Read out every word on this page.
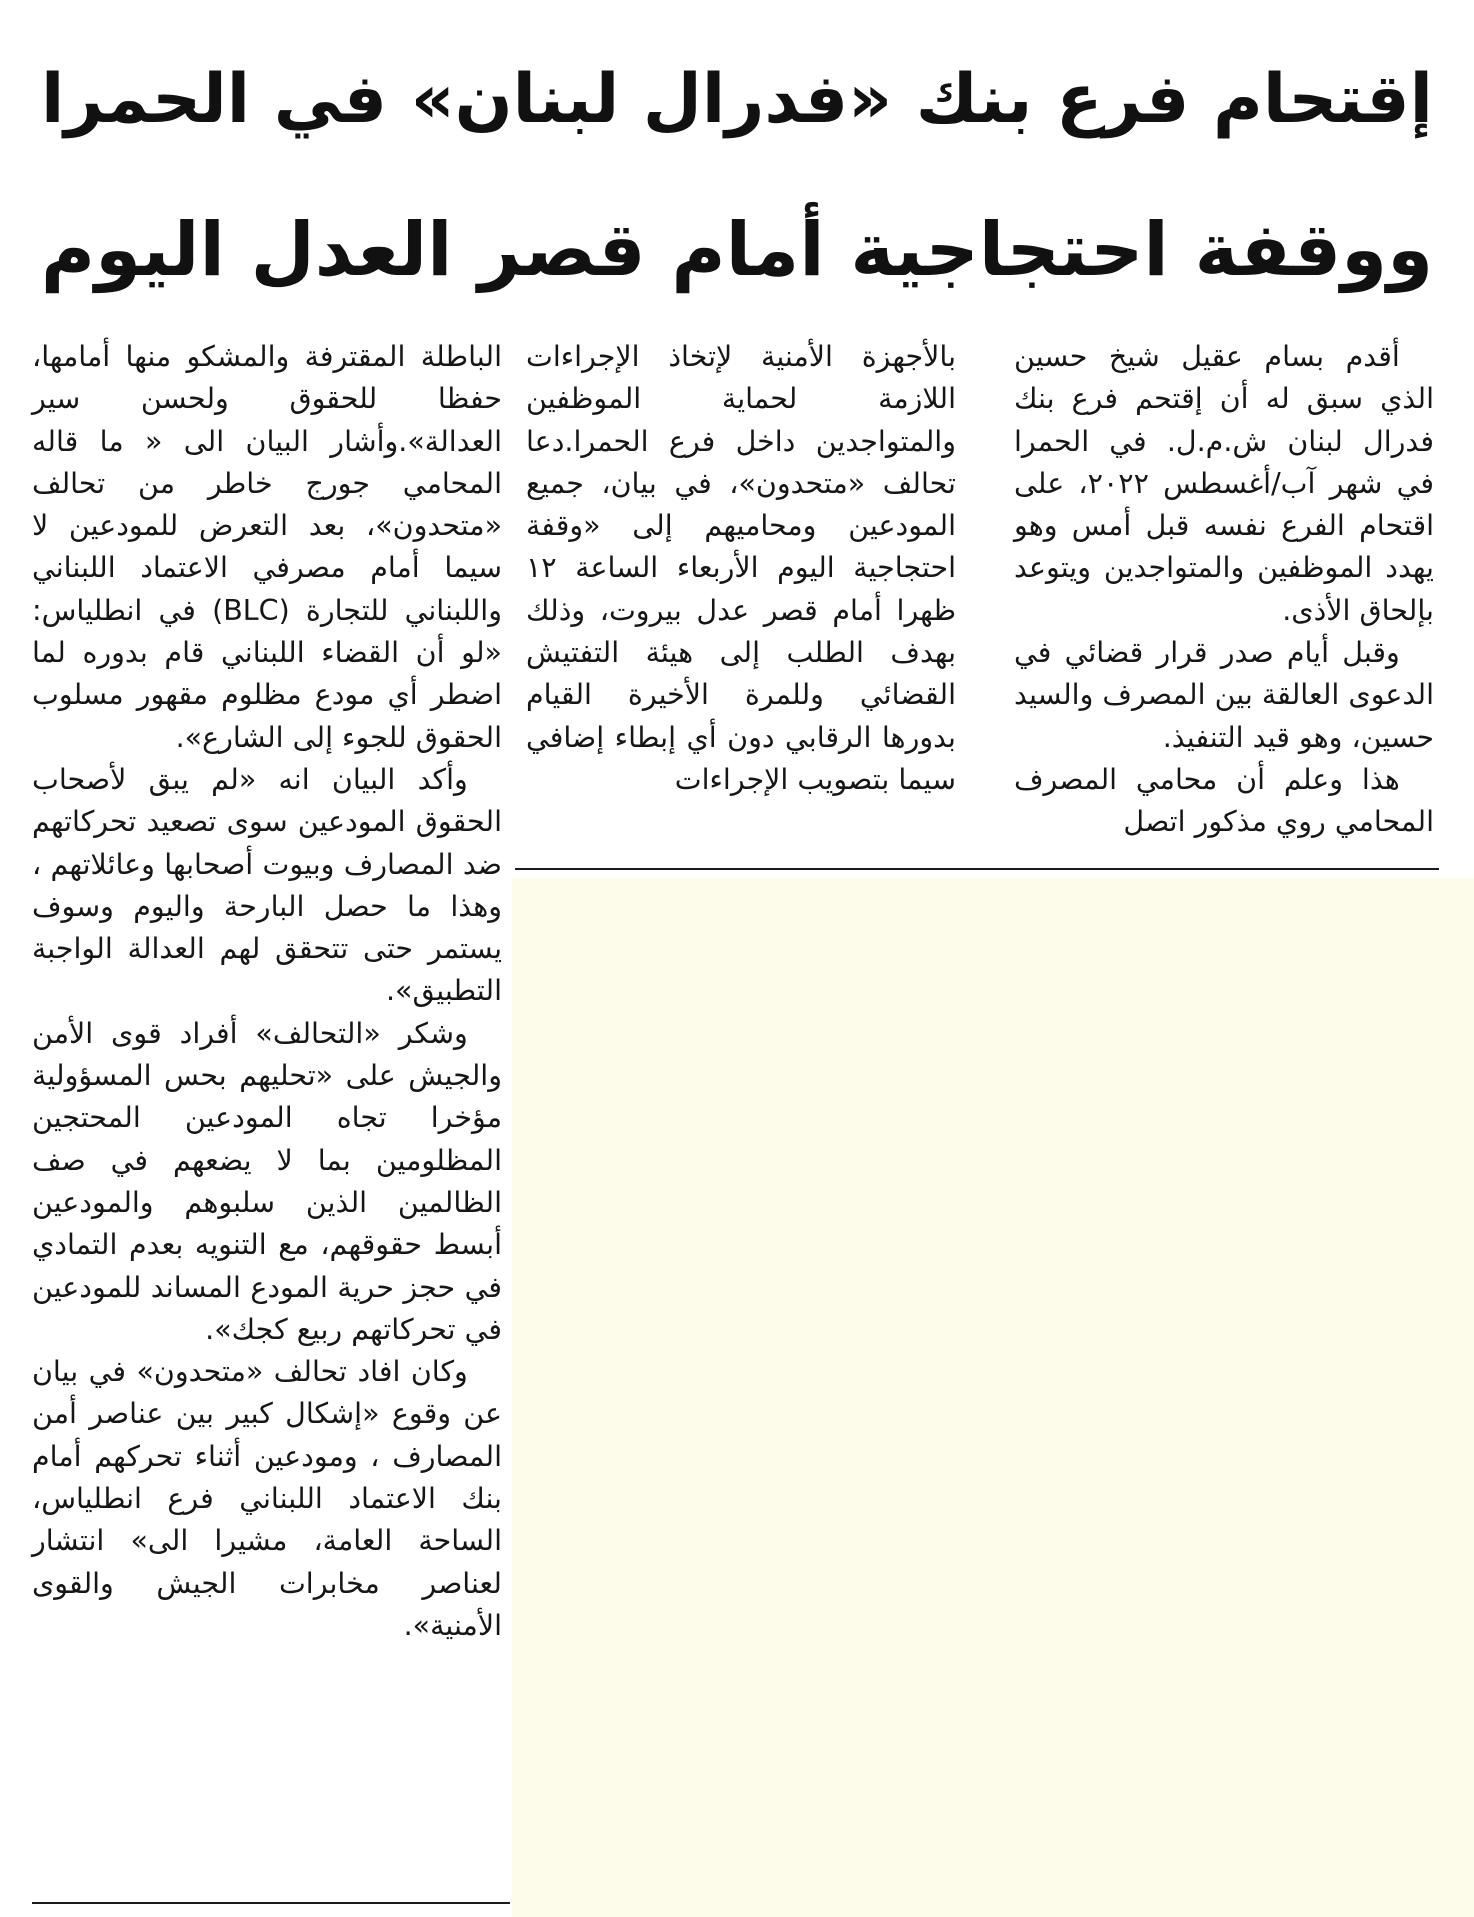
إقتحام فرع بنك «فدرال لبنان» في الحمرا
ووقفة احتجاجية أمام قصر العدل اليوم

أقدم بسام عقيل شيخ حسين الذي سبق له أن إقتحم فرع بنك فدرال لبنان ش.م.ل. في الحمرا في شهر آب/أغسطس ٢٠٢٢، على اقتحام الفرع نفسه قبل أمس وهو يهدد الموظفين والمتواجدين ويتوعد بإلحاق الأذى.

وقبل أيام صدر قرار قضائي في الدعوى العالقة بين المصرف والسيد حسين، وهو قيد التنفيذ.

هذا وعلم أن محامي المصرف المحامي روي مذكور اتصل

بالأجهزة الأمنية لإتخاذ الإجراءات اللازمة لحماية الموظفين والمتواجدين داخل فرع الحمرا.دعا تحالف «متحدون»، في بيان، جميع المودعين ومحاميهم إلى «وقفة احتجاجية اليوم الأربعاء الساعة ١٢ ظهرا أمام قصر عدل بيروت، وذلك بهدف الطلب إلى هيئة التفتيش القضائي وللمرة الأخيرة القيام بدورها الرقابي دون أي إبطاء إضافي سيما بتصويب الإجراءات

الباطلة المقترفة والمشكو منها أمامها، حفظا للحقوق ولحسن سير العدالة».وأشار البيان الى « ما قاله المحامي جورج خاطر من تحالف «متحدون»، بعد التعرض للمودعين لا سيما أمام مصرفي الاعتماد اللبناني واللبناني للتجارة (BLC) في انطلياس: «لو أن القضاء اللبناني قام بدوره لما اضطر أي مودع مظلوم مقهور مسلوب الحقوق للجوء إلى الشارع».

وأكد البيان انه «لم يبق لأصحاب الحقوق المودعين سوى تصعيد تحركاتهم ضد المصارف وبيوت أصحابها وعائلاتهم ، وهذا ما حصل البارحة واليوم وسوف يستمر حتى تتحقق لهم العدالة الواجبة التطبيق».

وشكر «التحالف» أفراد قوى الأمن والجيش على «تحليهم بحس المسؤولية مؤخرا تجاه المودعين المحتجين المظلومين بما لا يضعهم في صف الظالمين الذين سلبوهم والمودعين أبسط حقوقهم، مع التنويه بعدم التمادي في حجز حرية المودع المساند للمودعين في تحركاتهم ربيع كجك».

وكان افاد تحالف «متحدون» في بيان عن وقوع «إشكال كبير بين عناصر أمن المصارف ، ومودعين أثناء تحركهم أمام بنك الاعتماد اللبناني فرع انطلياس، الساحة العامة، مشيرا الى» انتشار لعناصر مخابرات الجيش والقوى الأمنية».
